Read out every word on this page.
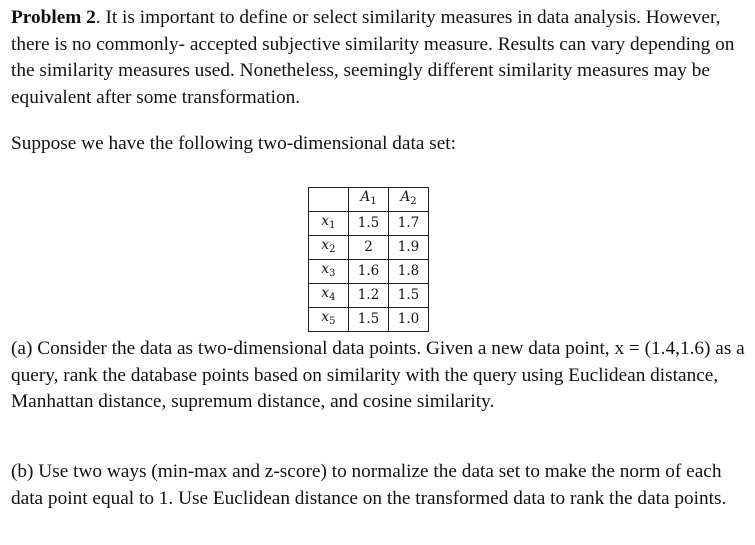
Problem 2. It is important to define or select similarity measures in data analysis. However, there is no commonly- accepted subjective similarity measure. Results can vary depending on the similarity measures used. Nonetheless, seemingly different similarity measures may be equivalent after some transformation.

Suppose we have the following two-dimensional data set:

	$A_1$	$A_2$
$x_1$	1.5	1.7
$x_2$	2	1.9
$x_3$	1.6	1.8
$x_4$	1.2	1.5
$x_5$	1.5	1.0

(a) Consider the data as two-dimensional data points. Given a new data point, x = (1.4,1.6) as a query, rank the database points based on similarity with the query using Euclidean distance, Manhattan distance, supremum distance, and cosine similarity.

(b) Use two ways (min-max and z-score) to normalize the data set to make the norm of each data point equal to 1. Use Euclidean distance on the transformed data to rank the data points.
